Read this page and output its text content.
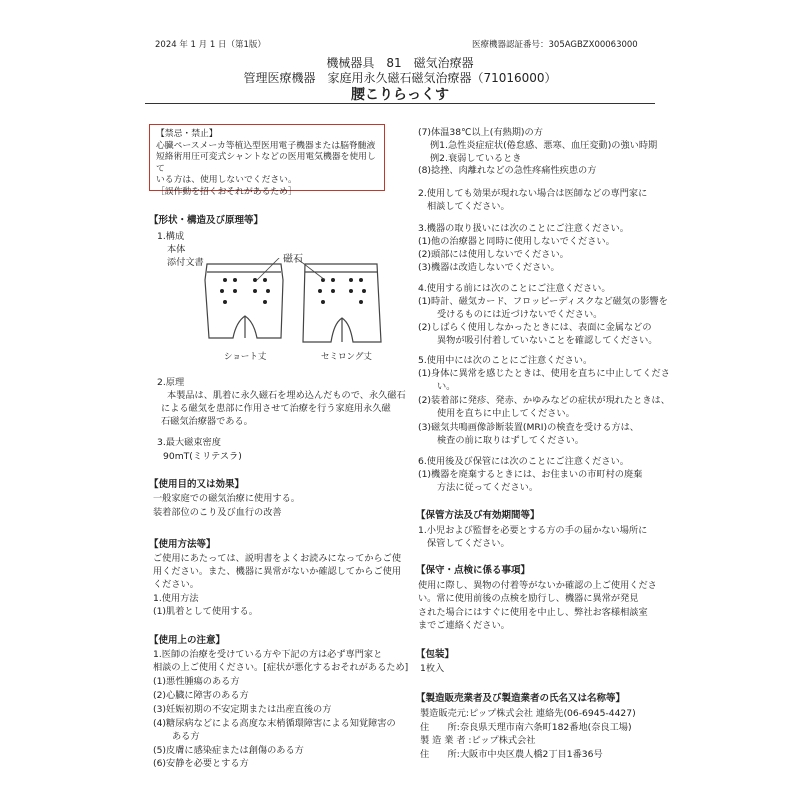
2024 年 1 月 1 日（第1版）	医療機器認証番号：305AGBZX00063000
機械器具　81　磁気治療器
管理医療機器　家庭用永久磁石磁気治療器（71016000）
腰こりらっくす
【禁忌・禁止】
心臓ペースメーカ等植込型医用電子機器または脳脊髄液
短絡術用圧可変式シャントなどの医用電気機器を使用して
いる方は、使用しないでください。
［誤作動を招くおそれがあるため］
【形状・構造及び原理等】
1.構成
本体
添付文書	磁石
ショート丈	セミロング丈
2.原理
本製品は、肌着に永久磁石を埋め込んだもので、永久磁石
による磁気を患部に作用させて治療を行う家庭用永久磁
石磁気治療器である。
3.最大磁束密度
90mT(ミリテスラ)
【使用目的又は効果】
一般家庭での磁気治療に使用する。
装着部位のこり及び血行の改善
【使用方法等】
ご使用にあたっては、説明書をよくお読みになってからご使
用ください。また、機器に異常がないか確認してからご使用
ください。
1.使用方法
(1)肌着として使用する。
【使用上の注意】
1.医師の治療を受けている方や下記の方は必ず専門家と
相談の上ご使用ください。[症状が悪化するおそれがあるため]
(1)悪性腫瘍のある方
(2)心臓に障害のある方
(3)妊娠初期の不安定期または出産直後の方
(4)糖尿病などによる高度な末梢循環障害による知覚障害の
ある方
(5)皮膚に感染症または創傷のある方
(6)安静を必要とする方
(7)体温38℃以上(有熱期)の方
例1.急性炎症症状(倦怠感、悪寒、血圧変動)の強い時期
例2.衰弱しているとき
(8)捻挫、肉離れなどの急性疼痛性疾患の方
2.使用しても効果が現れない場合は医師などの専門家に
相談してください。
3.機器の取り扱いには次のことにご注意ください。
(1)他の治療器と同時に使用しないでください。
(2)頭部には使用しないでください。
(3)機器は改造しないでください。
4.使用する前には次のことにご注意ください。
(1)時計、磁気カード、フロッピーディスクなど磁気の影響を
受けるものには近づけないでください。
(2)しばらく使用しなかったときには、表面に金属などの
異物が吸引付着していないことを確認してください。
5.使用中には次のことにご注意ください。
(1)身体に異常を感じたときは、使用を直ちに中止してくださ
い。
(2)装着部に発疹、発赤、かゆみなどの症状が現れたときは、
使用を直ちに中止してください。
(3)磁気共鳴画像診断装置(MRI)の検査を受ける方は、
検査の前に取りはずしてください。
6.使用後及び保管には次のことにご注意ください。
(1)機器を廃棄するときには、お住まいの市町村の廃棄
方法に従ってください。
【保管方法及び有効期間等】
1.小児および監督を必要とする方の手の届かない場所に
保管してください。
【保守・点検に係る事項】
使用に際し、異物の付着等がないか確認の上ご使用くださ
い。常に使用前後の点検を励行し、機器に異常が発見
された場合にはすぐに使用を中止し、弊社お客様相談室
までご連絡ください。
【包装】
1枚入
【製造販売業者及び製造業者の氏名又は名称等】
製造販売元:ピップ株式会社 連絡先(06-6945-4427)
住　　所:奈良県天理市南六条町182番地(奈良工場)
製 造 業 者 :ピップ株式会社
住　　所:大阪市中央区農人橋2丁目1番36号
